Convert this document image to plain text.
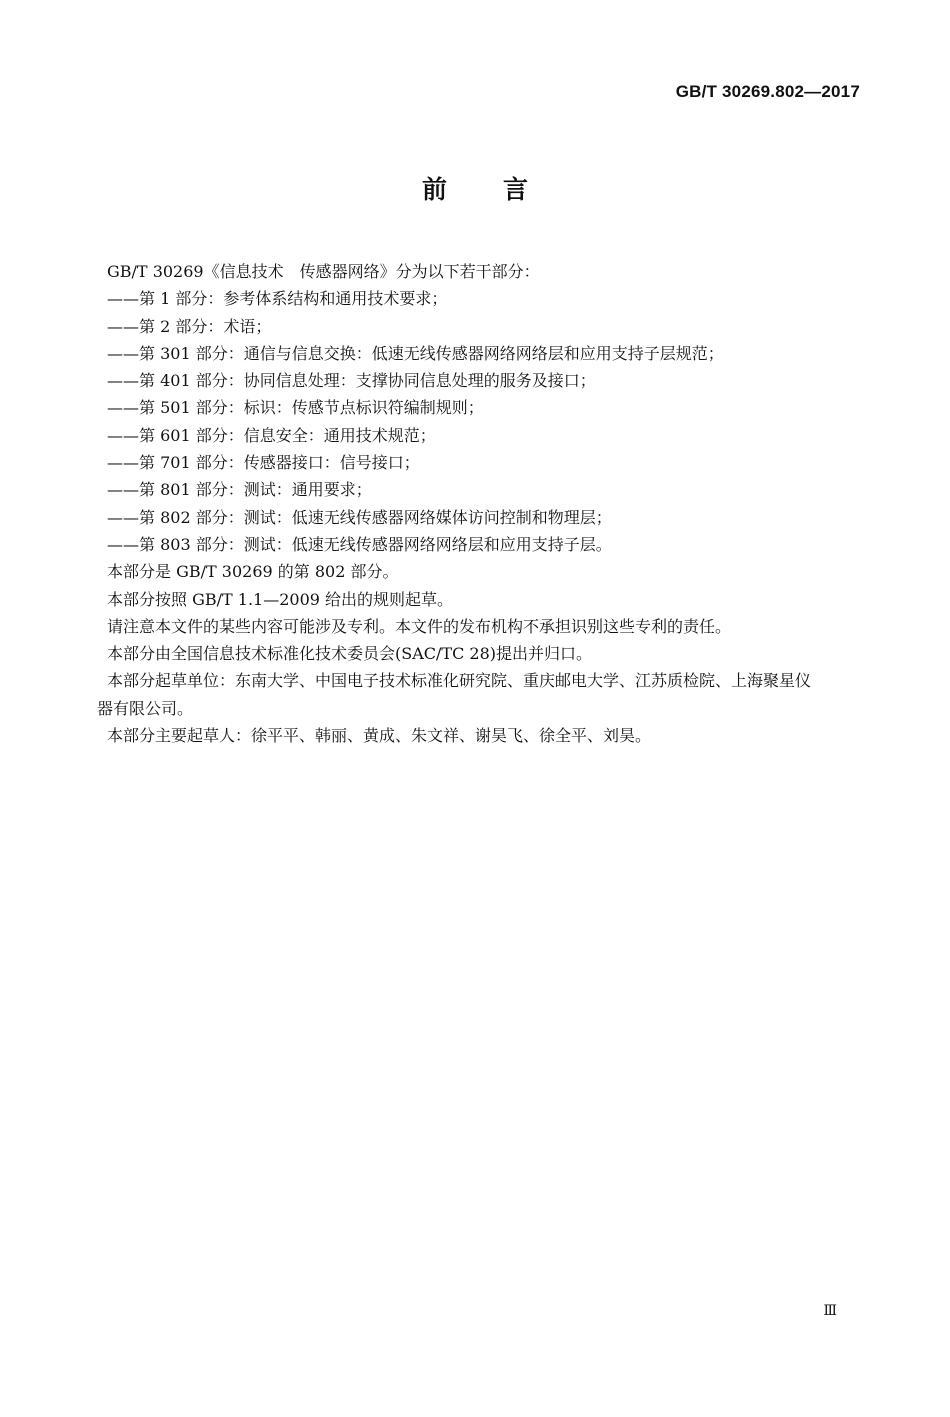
GB/T 30269.802—2017
前言
GB/T 30269《信息技术　传感器网络》分为以下若干部分：
——第 1 部分：参考体系结构和通用技术要求；
——第 2 部分：术语；
——第 301 部分：通信与信息交换：低速无线传感器网络网络层和应用支持子层规范；
——第 401 部分：协同信息处理：支撑协同信息处理的服务及接口；
——第 501 部分：标识：传感节点标识符编制规则；
——第 601 部分：信息安全：通用技术规范；
——第 701 部分：传感器接口：信号接口；
——第 801 部分：测试：通用要求；
——第 802 部分：测试：低速无线传感器网络媒体访问控制和物理层；
——第 803 部分：测试：低速无线传感器网络网络层和应用支持子层。
本部分是 GB/T 30269 的第 802 部分。
本部分按照 GB/T 1.1—2009 给出的规则起草。
请注意本文件的某些内容可能涉及专利。本文件的发布机构不承担识别这些专利的责任。
本部分由全国信息技术标准化技术委员会(SAC/TC 28)提出并归口。
本部分起草单位：东南大学、中国电子技术标准化研究院、重庆邮电大学、江苏质检院、上海聚星仪
器有限公司。
本部分主要起草人：徐平平、韩丽、黄成、朱文祥、谢昊飞、徐全平、刘昊。
Ⅲ
